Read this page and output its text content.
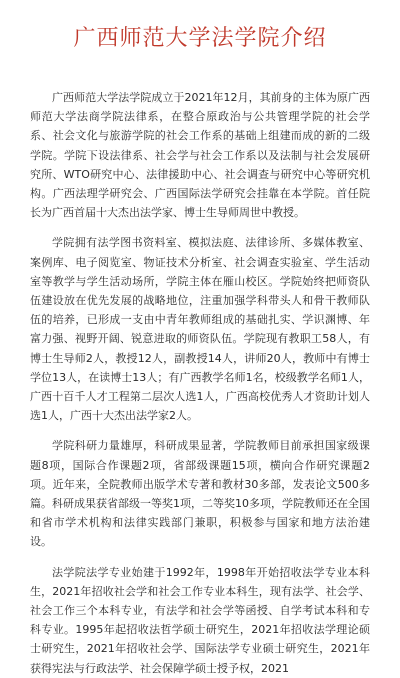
广西师范大学法学院介绍

广西师范大学法学院成立于2021年12月，其前身的主体为原广西师范大学法商学院法律系，在整合原政治与公共管理学院的社会学系、社会文化与旅游学院的社会工作系的基础上组建而成的新的二级学院。学院下设法律系、社会学与社会工作系以及法制与社会发展研究所、WTO研究中心、法律援助中心、社会调查与研究中心等研究机构。广西法理学研究会、广西国际法学研究会挂靠在本学院。首任院长为广西首届十大杰出法学家、博士生导师周世中教授。

学院拥有法学图书资料室、模拟法庭、法律诊所、多媒体教室、案例库、电子阅览室、物证技术分析室、社会调查实验室、学生活动室等教学与学生活动场所，学院主体在雁山校区。学院始终把师资队伍建设放在优先发展的战略地位，注重加强学科带头人和骨干教师队伍的培养，已形成一支由中青年教师组成的基础扎实、学识渊博、年富力强、视野开阔、锐意进取的师资队伍。学院现有教职工58人，有博士生导师2人，教授12人，副教授14人，讲师20人，教师中有博士学位13人，在读博士13人；有广西教学名师1名，校级教学名师1人，广西十百千人才工程第二层次人选1人，广西高校优秀人才资助计划人选1人，广西十大杰出法学家2人。

学院科研力量雄厚，科研成果显著，学院教师目前承担国家级课题8项，国际合作课题2项，省部级课题15项，横向合作研究课题2项。近年来，全院教师出版学术专著和教材30多部，发表论文500多篇。科研成果获省部级一等奖1项，二等奖10多项，学院教师还在全国和省市学术机构和法律实践部门兼职，积极参与国家和地方法治建设。

法学院法学专业始建于1992年，1998年开始招收法学专业本科生，2021年招收社会学和社会工作专业本科生，现有法学、社会学、社会工作三个本科专业，有法学和社会学等函授、自学考试本科和专科专业。1995年起招收法哲学硕士研究生，2021年招收法学理论硕士研究生，2021年招收社会学、国际法学专业硕士研究生，2021年获得宪法与行政法学、社会保障学硕士授予权，2021
